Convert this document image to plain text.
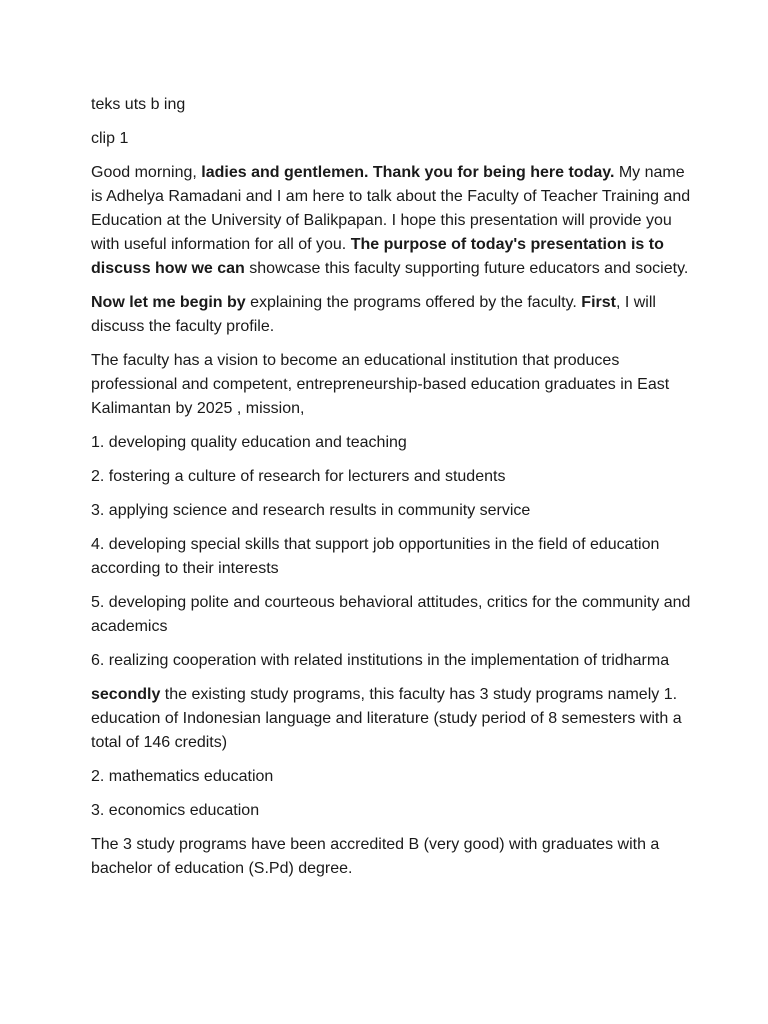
teks uts b ing

clip 1

Good morning, ladies and gentlemen. Thank you for being here today. My name is Adhelya Ramadani and I am here to talk about the Faculty of Teacher Training and Education at the University of Balikpapan. I hope this presentation will provide you with useful information for all of you. The purpose of today's presentation is to discuss how we can showcase this faculty supporting future educators and society.

Now let me begin by explaining the programs offered by the faculty. First, I will discuss the faculty profile.

The faculty has a vision to become an educational institution that produces professional and competent, entrepreneurship-based education graduates in East Kalimantan by 2025 , mission,

1. developing quality education and teaching

2. fostering a culture of research for lecturers and students

3. applying science and research results in community service

4. developing special skills that support job opportunities in the field of education according to their interests

5. developing polite and courteous behavioral attitudes, critics for the community and academics

6. realizing cooperation with related institutions in the implementation of tridharma

secondly the existing study programs, this faculty has 3 study programs namely 1. education of Indonesian language and literature (study period of 8 semesters with a total of 146 credits)

2. mathematics education

3. economics education

The 3 study programs have been accredited B (very good) with graduates with a bachelor of education (S.Pd) degree.
